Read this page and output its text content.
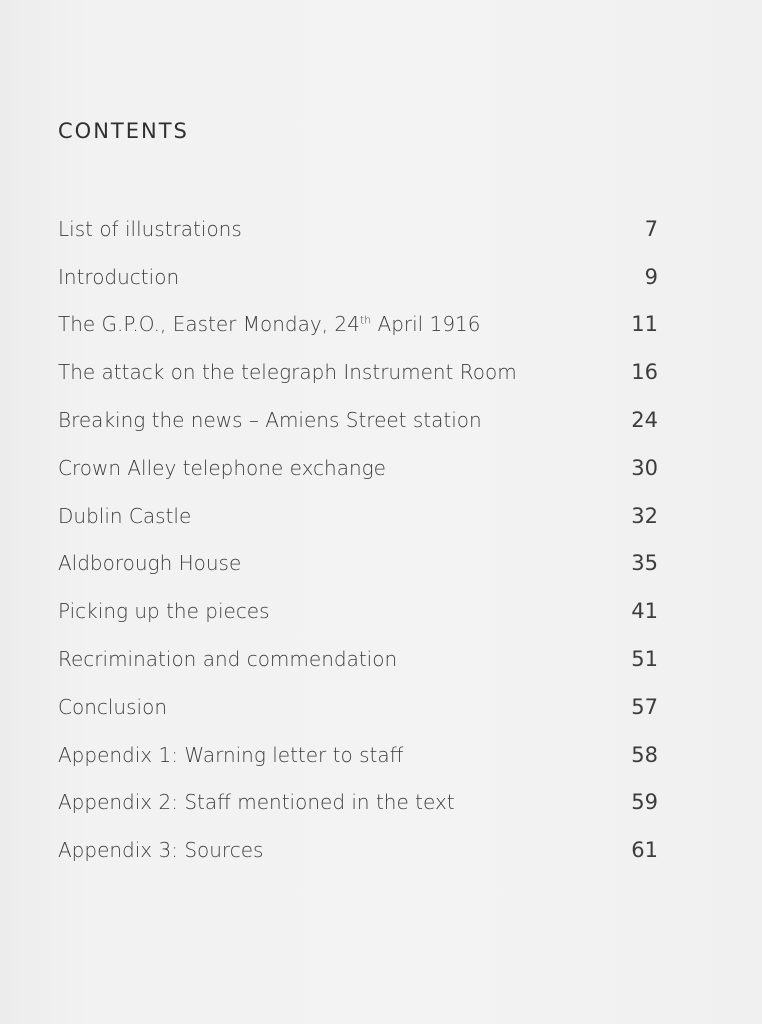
CONTENTS
List of illustrations	7
Introduction	9
The G.P.O., Easter Monday, 24th April 1916	11
The attack on the telegraph Instrument Room	16
Breaking the news – Amiens Street station	24
Crown Alley telephone exchange	30
Dublin Castle	32
Aldborough House	35
Picking up the pieces	41
Recrimination and commendation	51
Conclusion	57
Appendix 1: Warning letter to staff	58
Appendix 2: Staff mentioned in the text	59
Appendix 3: Sources	61
